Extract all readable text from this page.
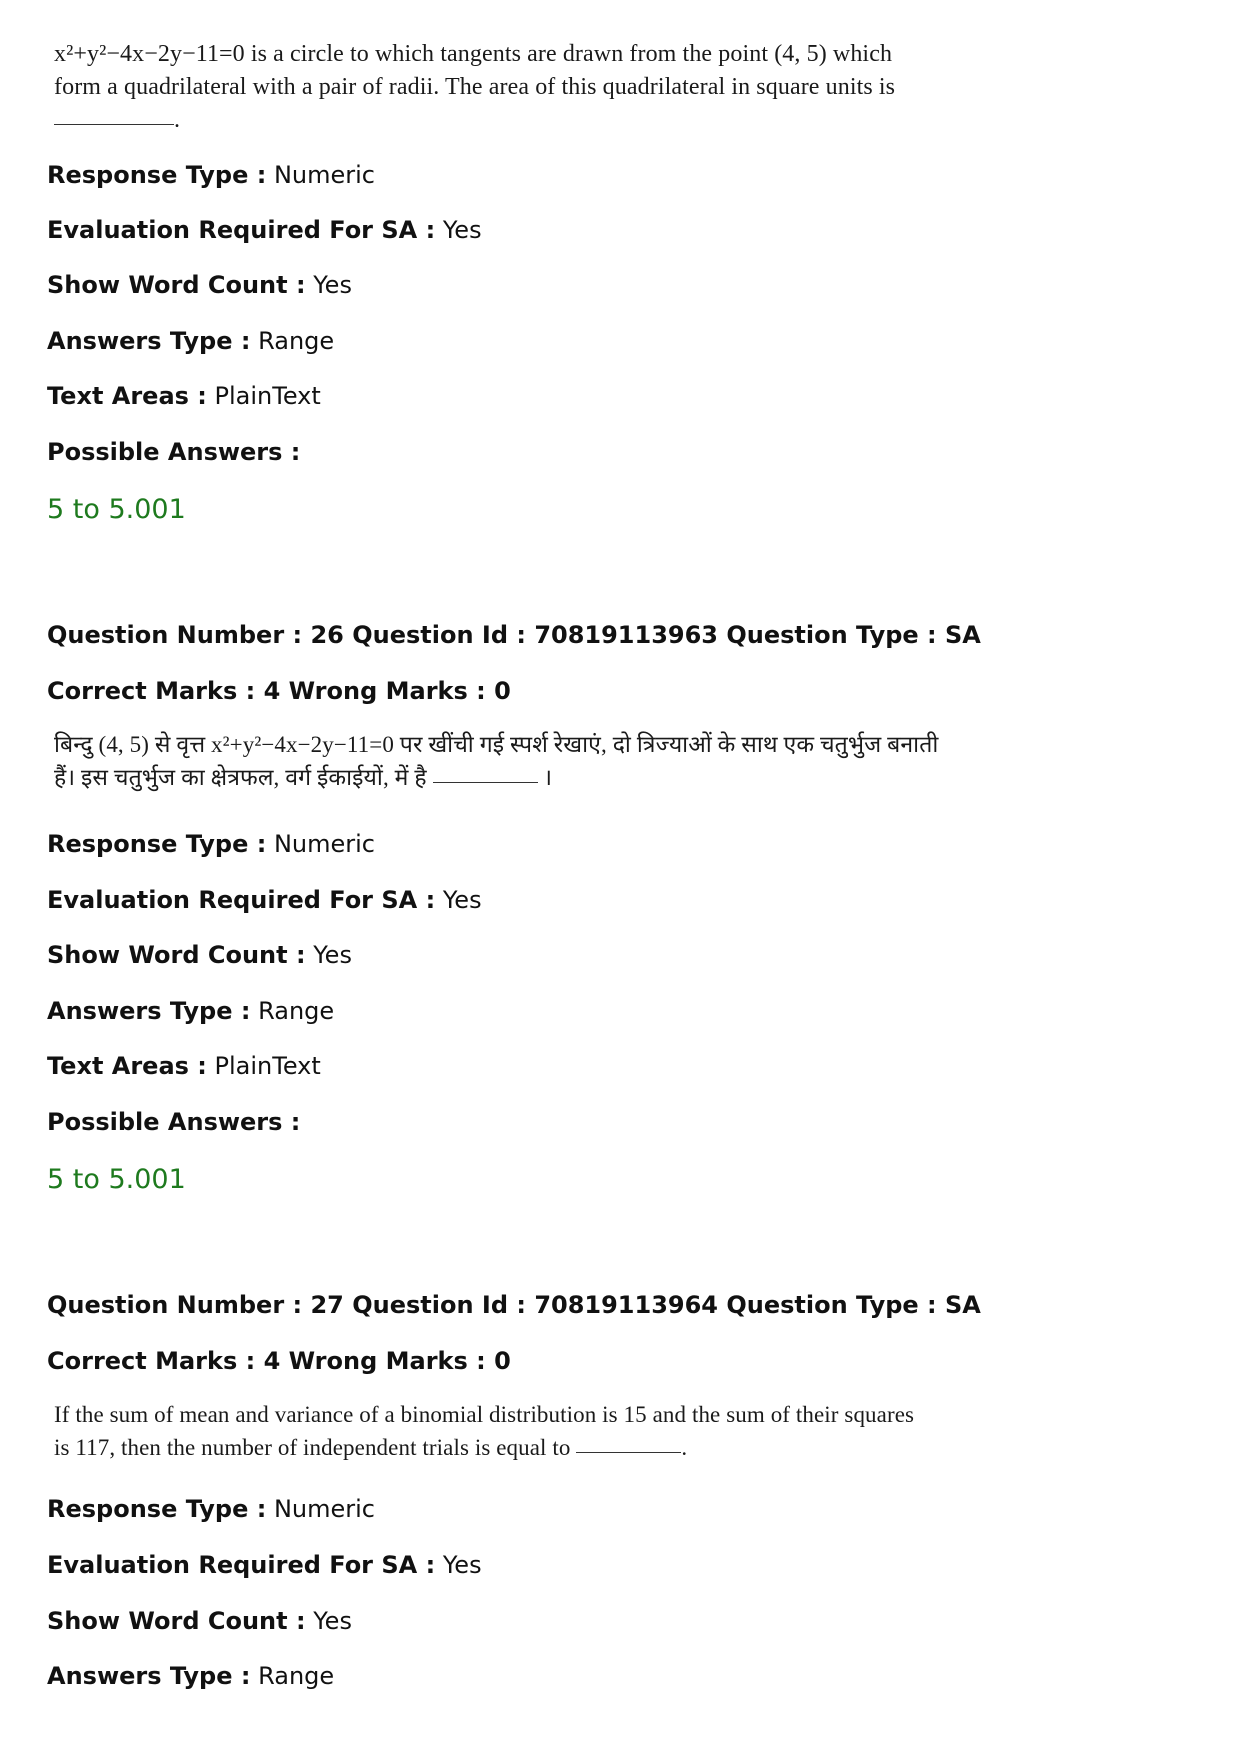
x²+y²−4x−2y−11=0 is a circle to which tangents are drawn from the point (4, 5) which
form a quadrilateral with a pair of radii. The area of this quadrilateral in square units is
.
Response Type : Numeric
Evaluation Required For SA : Yes
Show Word Count : Yes
Answers Type : Range
Text Areas : PlainText
Possible Answers :
5 to 5.001
Question Number : 26 Question Id : 70819113963 Question Type : SA
Correct Marks : 4 Wrong Marks : 0
बिन्दु (4, 5) से वृत्त x²+y²−4x−2y−11=0 पर खींची गई स्पर्श रेखाएं, दो त्रिज्याओं के साथ एक चतुर्भुज बनाती
हैं। इस चतुर्भुज का क्षेत्रफल, वर्ग ईकाईयों, में है	।
Response Type : Numeric
Evaluation Required For SA : Yes
Show Word Count : Yes
Answers Type : Range
Text Areas : PlainText
Possible Answers :
5 to 5.001
Question Number : 27 Question Id : 70819113964 Question Type : SA
Correct Marks : 4 Wrong Marks : 0
If the sum of mean and variance of a binomial distribution is 15 and the sum of their squares
is 117, then the number of independent trials is equal to	.
Response Type : Numeric
Evaluation Required For SA : Yes
Show Word Count : Yes
Answers Type : Range
